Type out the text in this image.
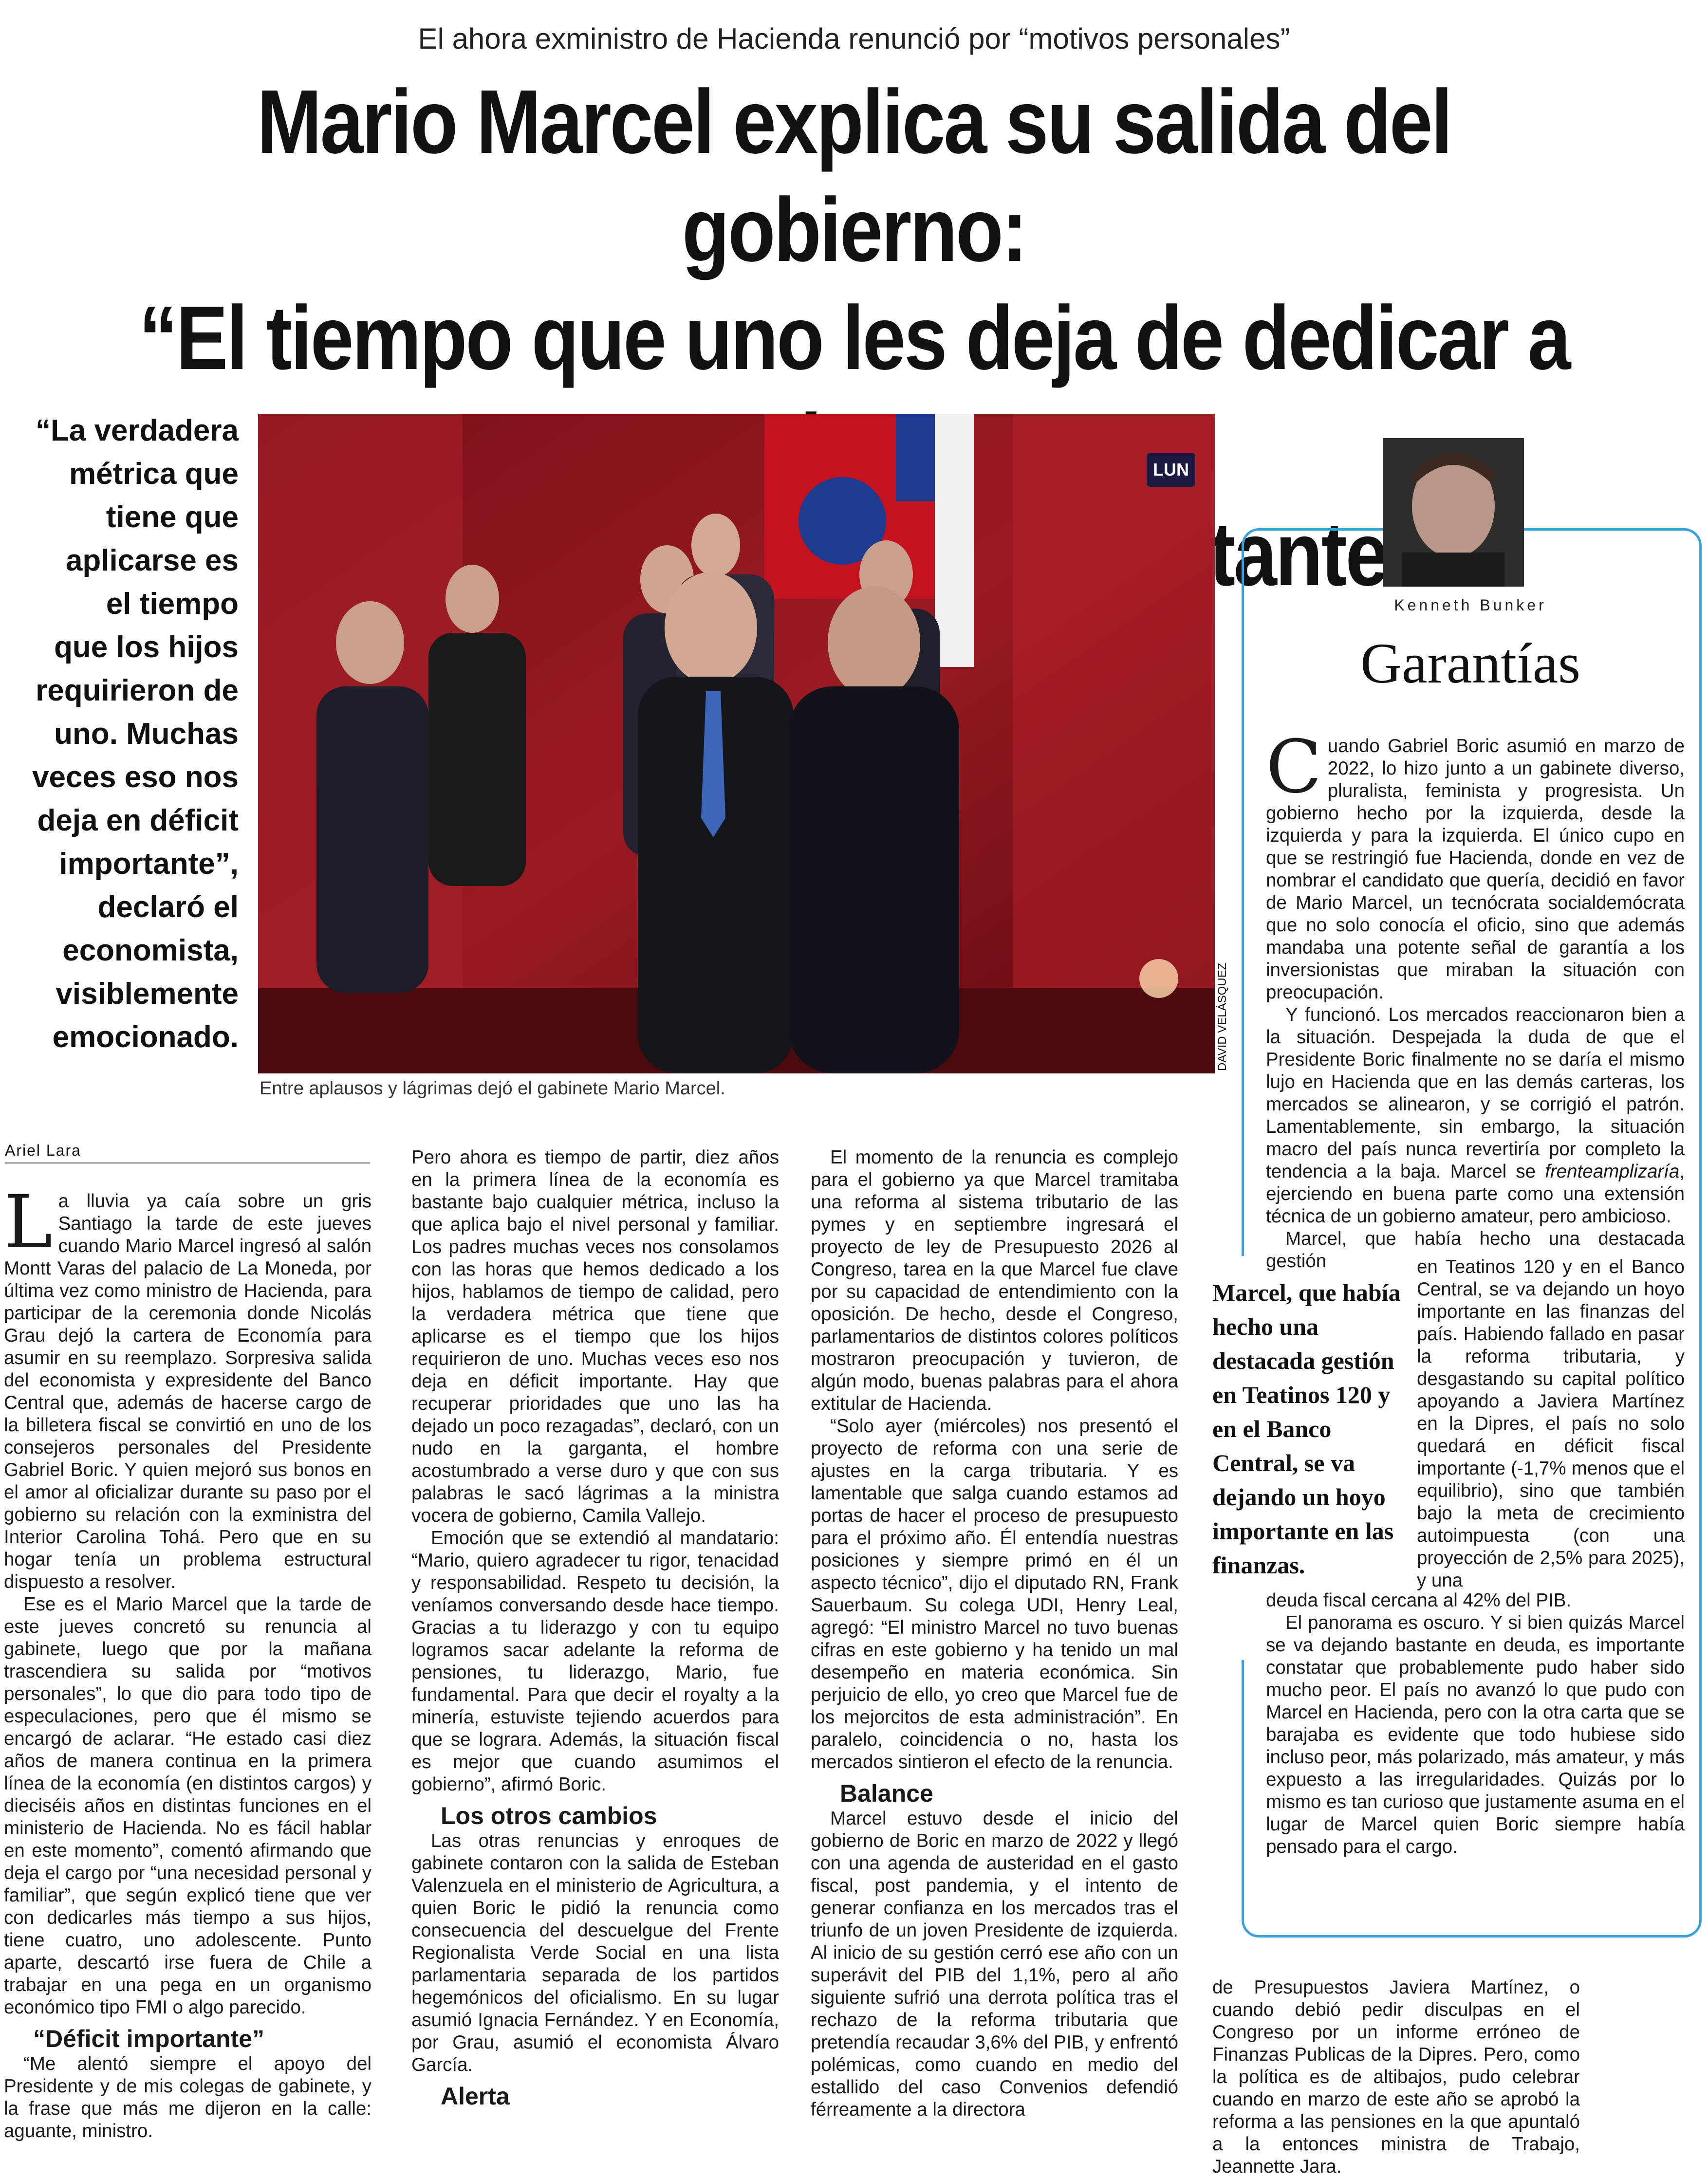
El ahora exministro de Hacienda renunció por “motivos personales”
Mario Marcel explica su salida del gobierno:
“El tiempo que uno les deja de dedicar a
“La verdadera
métrica que
tiene que
aplicarse es
el tiempo
que los hijos
requirieron de
uno. Muchas
veces eso nos
deja en déficit
importante”,
declaró el
economista,
visiblemente
emocionado.
LUN
DAVID VELÁSQUEZ
Entre aplausos y lágrimas dejó el gabinete Mario Marcel.
Ariel Lara
L a lluvia ya caía sobre un gris Santiago la tarde de este jueves cuando Mario Marcel ingresó al salón Montt Varas del palacio de La Moneda, por última vez como ministro de Hacienda, para participar de la ceremonia donde Nicolás Grau dejó la cartera de Economía para asumir en su reemplazo. Sorpresiva salida del economista y expresidente del Banco Central que, además de hacerse cargo de la billetera fiscal se convirtió en uno de los consejeros personales del Presidente Gabriel Boric. Y quien mejoró sus bonos en el amor al oficializar durante su paso por el gobierno su relación con la exministra del Interior Carolina Tohá. Pero que en su hogar tenía un problema estructural dispuesto a resolver.

Ese es el Mario Marcel que la tarde de este jueves concretó su renuncia al gabinete, luego que por la mañana trascendiera su salida por “motivos personales”, lo que dio para todo tipo de especulaciones, pero que él mismo se encargó de aclarar. “He estado casi diez años de manera continua en la primera línea de la economía (en distintos cargos) y dieciséis años en distintas funciones en el ministerio de Hacienda. No es fácil hablar en este momento”, comentó afirmando que deja el cargo por “una necesidad personal y familiar”, que según explicó tiene que ver con dedicarles más tiempo a sus hijos, tiene cuatro, uno adolescente. Punto aparte, descartó irse fuera de Chile a trabajar en una pega en un organismo económico tipo FMI o algo parecido.

“Déficit importante”

“Me alentó siempre el apoyo del Presidente y de mis colegas de gabinete, y la frase que más me dijeron en la calle: aguante, ministro.

Pero ahora es tiempo de partir, diez años en la primera línea de la economía es bastante bajo cualquier métrica, incluso la que aplica bajo el nivel personal y familiar. Los padres muchas veces nos consolamos con las horas que hemos dedicado a los hijos, hablamos de tiempo de calidad, pero la verdadera métrica que tiene que aplicarse es el tiempo que los hijos requirieron de uno. Muchas veces eso nos deja en déficit importante. Hay que recuperar prioridades que uno las ha dejado un poco rezagadas”, declaró, con un nudo en la garganta, el hombre acostumbrado a verse duro y que con sus palabras le sacó lágrimas a la ministra vocera de gobierno, Camila Vallejo.

Emoción que se extendió al mandatario: “Mario, quiero agradecer tu rigor, tenacidad y responsabilidad. Respeto tu decisión, la veníamos conversando desde hace tiempo. Gracias a tu liderazgo y con tu equipo logramos sacar adelante la reforma de pensiones, tu liderazgo, Mario, fue fundamental. Para que decir el royalty a la minería, estuviste tejiendo acuerdos para que se lograra. Además, la situación fiscal es mejor que cuando asumimos el gobierno”, afirmó Boric.

Los otros cambios

Las otras renuncias y enroques de gabinete contaron con la salida de Esteban Valenzuela en el ministerio de Agricultura, a quien Boric le pidió la renuncia como consecuencia del descuelgue del Frente Regionalista Verde Social en una lista parlamentaria separada de los partidos hegemónicos del oficialismo. En su lugar asumió Ignacia Fernández. Y en Economía, por Grau, asumió el economista Álvaro García.

Alerta

El momento de la renuncia es complejo para el gobierno ya que Marcel tramitaba una reforma al sistema tributario de las pymes y en septiembre ingresará el proyecto de ley de Presupuesto 2026 al Congreso, tarea en la que Marcel fue clave por su capacidad de entendimiento con la oposición. De hecho, desde el Congreso, parlamentarios de distintos colores políticos mostraron preocupación y tuvieron, de algún modo, buenas palabras para el ahora extitular de Hacienda.

“Solo ayer (miércoles) nos presentó el proyecto de reforma con una serie de ajustes en la carga tributaria. Y es lamentable que salga cuando estamos ad portas de hacer el proceso de presupuesto para el próximo año. Él entendía nuestras posiciones y siempre primó en él un aspecto técnico”, dijo el diputado RN, Frank Sauerbaum. Su colega UDI, Henry Leal, agregó: “El ministro Marcel no tuvo buenas cifras en este gobierno y ha tenido un mal desempeño en materia económica. Sin perjuicio de ello, yo creo que Marcel fue de los mejorcitos de esta administración”. En paralelo, coincidencia o no, hasta los mercados sintieron el efecto de la renuncia.

Balance

Marcel estuvo desde el inicio del gobierno de Boric en marzo de 2022 y llegó con una agenda de austeridad en el gasto fiscal, post pandemia, y el intento de generar confianza en los mercados tras el triunfo de un joven Presidente de izquierda. Al inicio de su gestión cerró ese año con un superávit del PIB del 1,1%, pero al año siguiente sufrió una derrota política tras el rechazo de la reforma tributaria que pretendía recaudar 3,6% del PIB, y enfrentó polémicas, como cuando en medio del estallido del caso Convenios defendió férreamente a la directora

de Presupuestos Javiera Martínez, o cuando debió pedir disculpas en el Congreso por un informe erróneo de Finanzas Publicas de la Dipres. Pero, como la política es de altibajos, pudo celebrar cuando en marzo de este año se aprobó la reforma a las pensiones en la que apuntaló a la entonces ministra de Trabajo, Jeannette Jara.

Kenneth Bunker
Garantías
C uando Gabriel Boric asumió en marzo de 2022, lo hizo junto a un gabinete diverso, pluralista, feminista y progresista. Un gobierno hecho por la izquierda, desde la izquierda y para la izquierda. El único cupo en que se restringió fue Hacienda, donde en vez de nombrar el candidato que quería, decidió en favor de Mario Marcel, un tecnócrata socialdemócrata que no solo conocía el oficio, sino que además mandaba una potente señal de garantía a los inversionistas que miraban la situación con preocupación.

Y funcionó. Los mercados reaccionaron bien a la situación. Despejada la duda de que el Presidente Boric finalmente no se daría el mismo lujo en Hacienda que en las demás carteras, los mercados se alinearon, y se corrigió el patrón. Lamentablemente, sin embargo, la situación macro del país nunca revertiría por completo la tendencia a la baja. Marcel se frenteamplizaría, ejerciendo en buena parte como una extensión técnica de un gobierno amateur, pero ambicioso.

Marcel, que había hecho una destacada gestión

Marcel, que había hecho una destacada gestión en Teatinos 120 y en el Banco Central, se va dejando un hoyo importante en las finanzas.

en Teatinos 120 y en el Banco Central, se va dejando un hoyo importante en las finanzas del país. Habiendo fallado en pasar la reforma tributaria, y desgastando su capital político apoyando a Javiera Martínez en la Dipres, el país no solo quedará en déficit fiscal importante (-1,7% menos que el equilibrio), sino que también bajo la meta de crecimiento autoimpuesta (con una proyección de 2,5% para 2025), y una

deuda fiscal cercana al 42% del PIB.

El panorama es oscuro. Y si bien quizás Marcel se va dejando bastante en deuda, es importante constatar que probablemente pudo haber sido mucho peor. El país no avanzó lo que pudo con Marcel en Hacienda, pero con la otra carta que se barajaba es evidente que todo hubiese sido incluso peor, más polarizado, más amateur, y más expuesto a las irregularidades. Quizás por lo mismo es tan curioso que justamente asuma en el lugar de Marcel quien Boric siempre había pensado para el cargo.
